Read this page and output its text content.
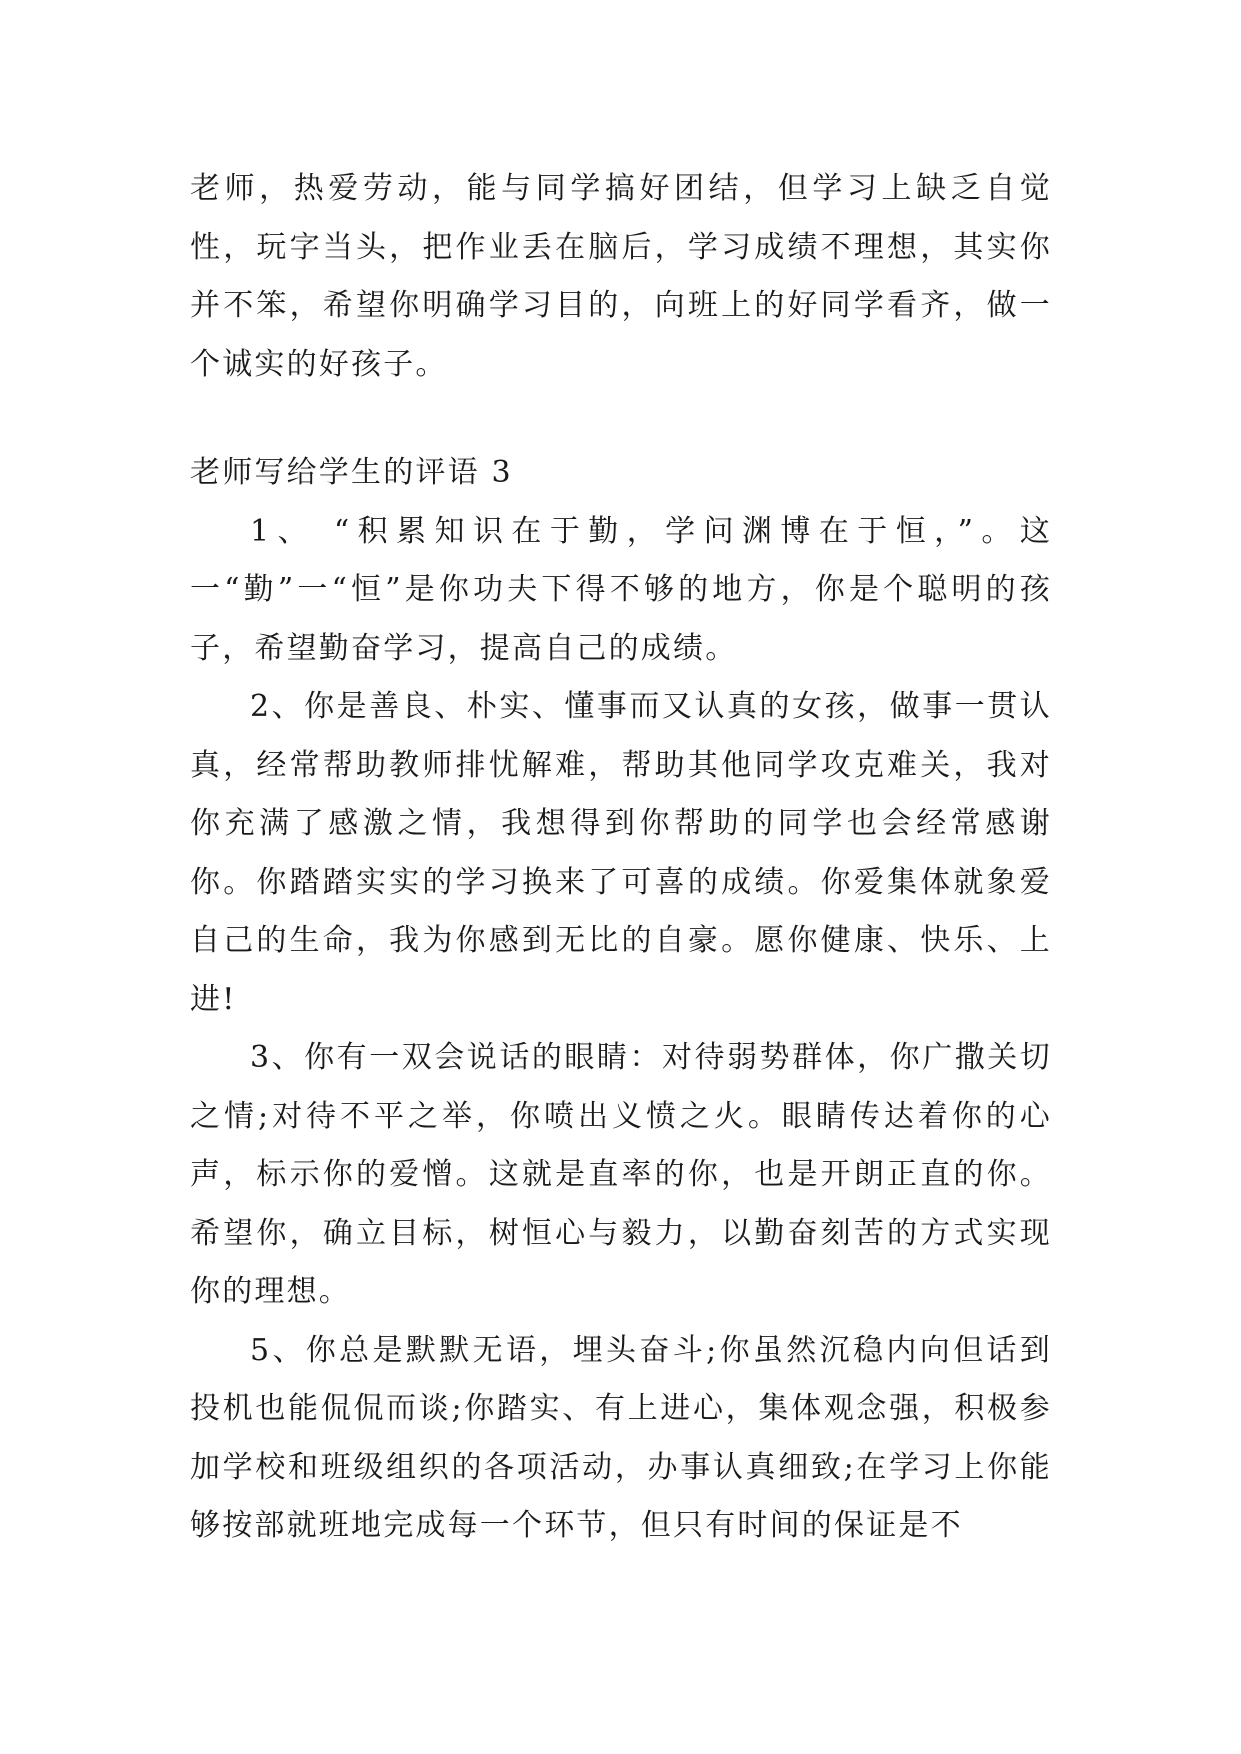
老师，热爱劳动，能与同学搞好团结，但学习上缺乏自觉性，玩字当头，把作业丢在脑后，学习成绩不理想，其实你并不笨，希望你明确学习目的，向班上的好同学看齐，做一个诚实的好孩子。

老师写给学生的评语 3

1、 “积累知识在于勤，学问渊博在于恒，”。这一“勤”一“恒”是你功夫下得不够的地方，你是个聪明的孩子，希望勤奋学习，提高自己的成绩。

2、你是善良、朴实、懂事而又认真的女孩，做事一贯认真，经常帮助教师排忧解难，帮助其他同学攻克难关，我对你充满了感激之情，我想得到你帮助的同学也会经常感谢你。你踏踏实实的学习换来了可喜的成绩。你爱集体就象爱自己的生命，我为你感到无比的自豪。愿你健康、快乐、上进!

3、你有一双会说话的眼睛：对待弱势群体，你广撒关切之情;对待不平之举，你喷出义愤之火。眼睛传达着你的心声，标示你的爱憎。这就是直率的你，也是开朗正直的你。希望你，确立目标，树恒心与毅力，以勤奋刻苦的方式实现你的理想。

5、你总是默默无语，埋头奋斗;你虽然沉稳内向但话到投机也能侃侃而谈;你踏实、有上进心，集体观念强，积极参加学校和班级组织的各项活动，办事认真细致;在学习上你能够按部就班地完成每一个环节，但只有时间的保证是不
